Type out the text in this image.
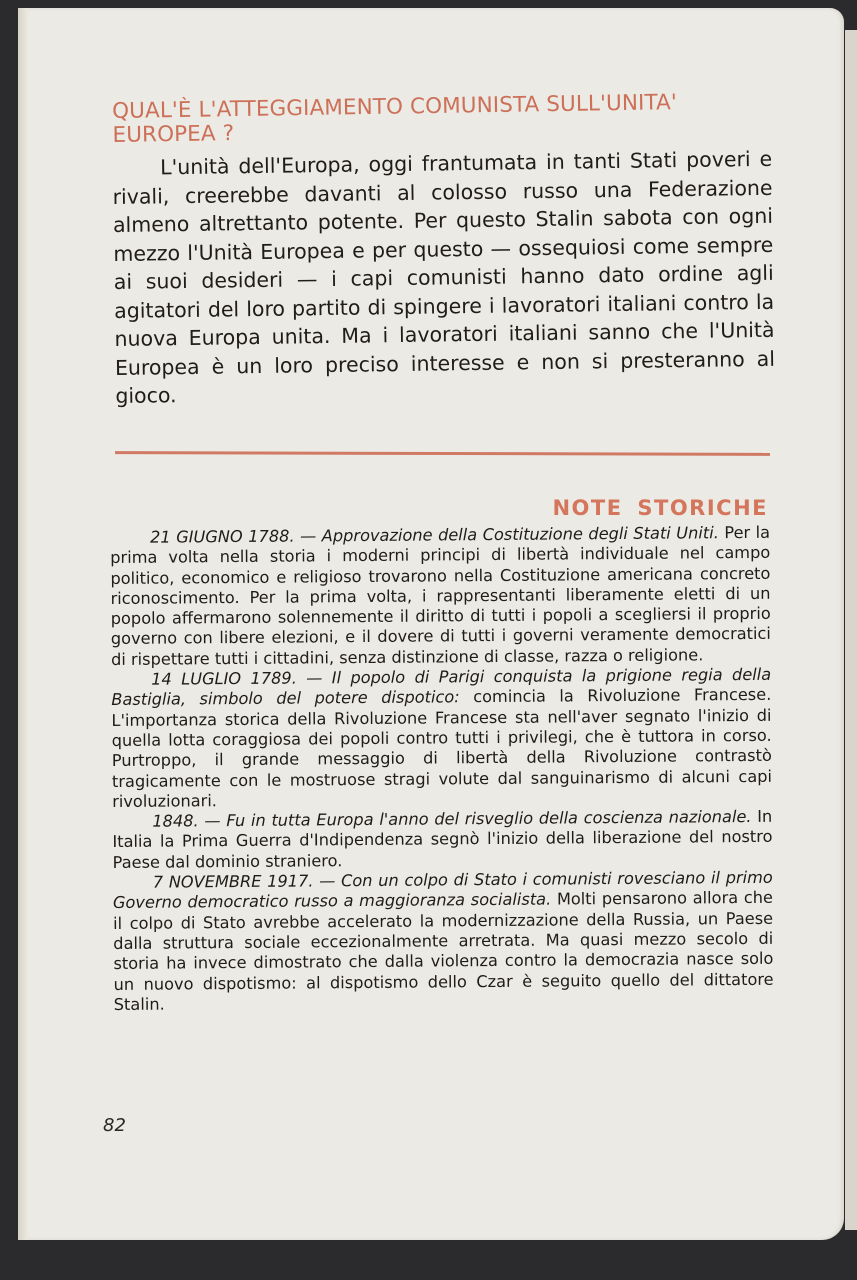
QUAL'È L'ATTEGGIAMENTO COMUNISTA SULL'UNITA' EUROPEA ?

L'unità dell'Europa, oggi frantumata in tanti Stati poveri e rivali, creerebbe davanti al colosso russo una Federazione almeno altrettanto potente. Per questo Stalin sabota con ogni mezzo l'Unità Europea e per questo — ossequiosi come sempre ai suoi desideri — i capi comunisti hanno dato ordine agli agitatori del loro partito di spingere i lavoratori italiani contro la nuova Europa unita. Ma i lavoratori italiani sanno che l'Unità Europea è un loro preciso interesse e non si presteranno al gioco.

NOTE STORICHE

21 GIUGNO 1788. — Approvazione della Costituzione degli Stati Uniti. Per la prima volta nella storia i moderni principi di libertà individuale nel campo politico, economico e religioso trovarono nella Costituzione americana concreto riconoscimento. Per la prima volta, i rappresentanti liberamente eletti di un popolo affermarono solennemente il diritto di tutti i popoli a scegliersi il proprio governo con libere elezioni, e il dovere di tutti i governi veramente democratici di rispettare tutti i cittadini, senza distinzione di classe, razza o religione.

14 LUGLIO 1789. — Il popolo di Parigi conquista la prigione regia della Bastiglia, simbolo del potere dispotico: comincia la Rivoluzione Francese. L'importanza storica della Rivoluzione Francese sta nell'aver segnato l'inizio di quella lotta coraggiosa dei popoli contro tutti i privilegi, che è tuttora in corso. Purtroppo, il grande messaggio di libertà della Rivoluzione contrastò tragicamente con le mostruose stragi volute dal sanguinarismo di alcuni capi rivoluzionari.

1848. — Fu in tutta Europa l'anno del risveglio della coscienza nazionale. In Italia la Prima Guerra d'Indipendenza segnò l'inizio della liberazione del nostro Paese dal dominio straniero.

7 NOVEMBRE 1917. — Con un colpo di Stato i comunisti rovesciano il primo Governo democratico russo a maggioranza socialista. Molti pensarono allora che il colpo di Stato avrebbe accelerato la modernizzazione della Russia, un Paese dalla struttura sociale eccezionalmente arretrata. Ma quasi mezzo secolo di storia ha invece dimostrato che dalla violenza contro la democrazia nasce solo un nuovo dispotismo: al dispotismo dello Czar è seguito quello del dittatore Stalin.

82
